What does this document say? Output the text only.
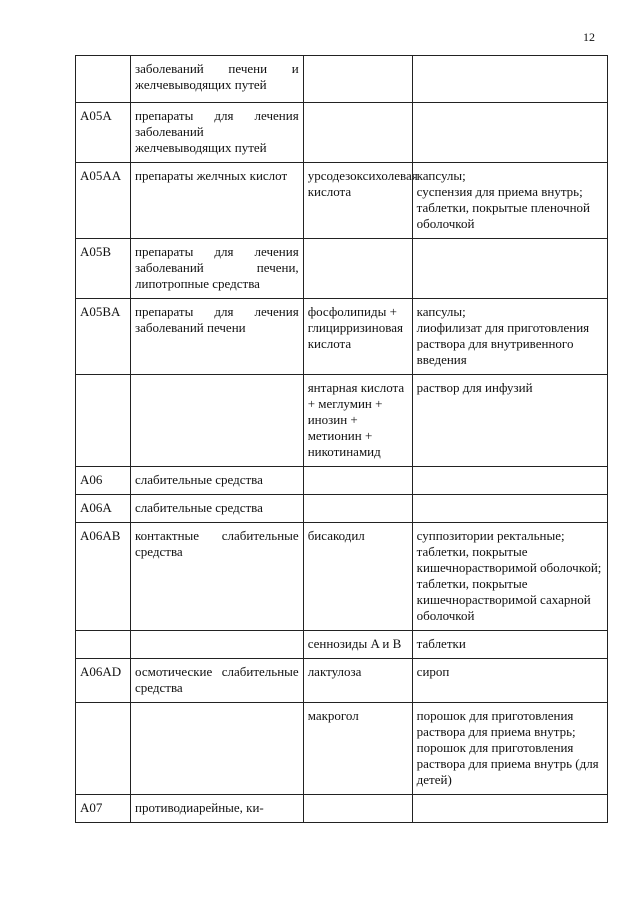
12
	заболеваний печени и желчевыводящих путей		
A05A	препараты для лечения заболеваний желчевыводящих путей		
A05AA	препараты желчных кислот	урсодезоксихолевая кислота	капсулы;
суспензия для приема внутрь;
таблетки, покрытые пленочной оболочкой
A05B	препараты для лечения заболеваний печени, липотропные средства		
A05BA	препараты для лечения заболеваний печени	фосфолипиды + глицирризиновая кислота	капсулы;
лиофилизат для приготовления раствора для внутривенного введения
		янтарная кислота + меглумин + инозин + метионин + никотинамид	раствор для инфузий
A06	слабительные средства		
A06A	слабительные средства		
A06AB	контактные слабительные средства	бисакодил	суппозитории ректальные;
таблетки, покрытые кишечнорастворимой оболочкой;
таблетки, покрытые кишечнорастворимой сахарной оболочкой
		сеннозиды A и B	таблетки
A06AD	осмотические слабительные средства	лактулоза	сироп
		макрогол	порошок для приготовления раствора для приема внутрь;
порошок для приготовления раствора для приема внутрь (для детей)
A07	противодиарейные, ки-		
